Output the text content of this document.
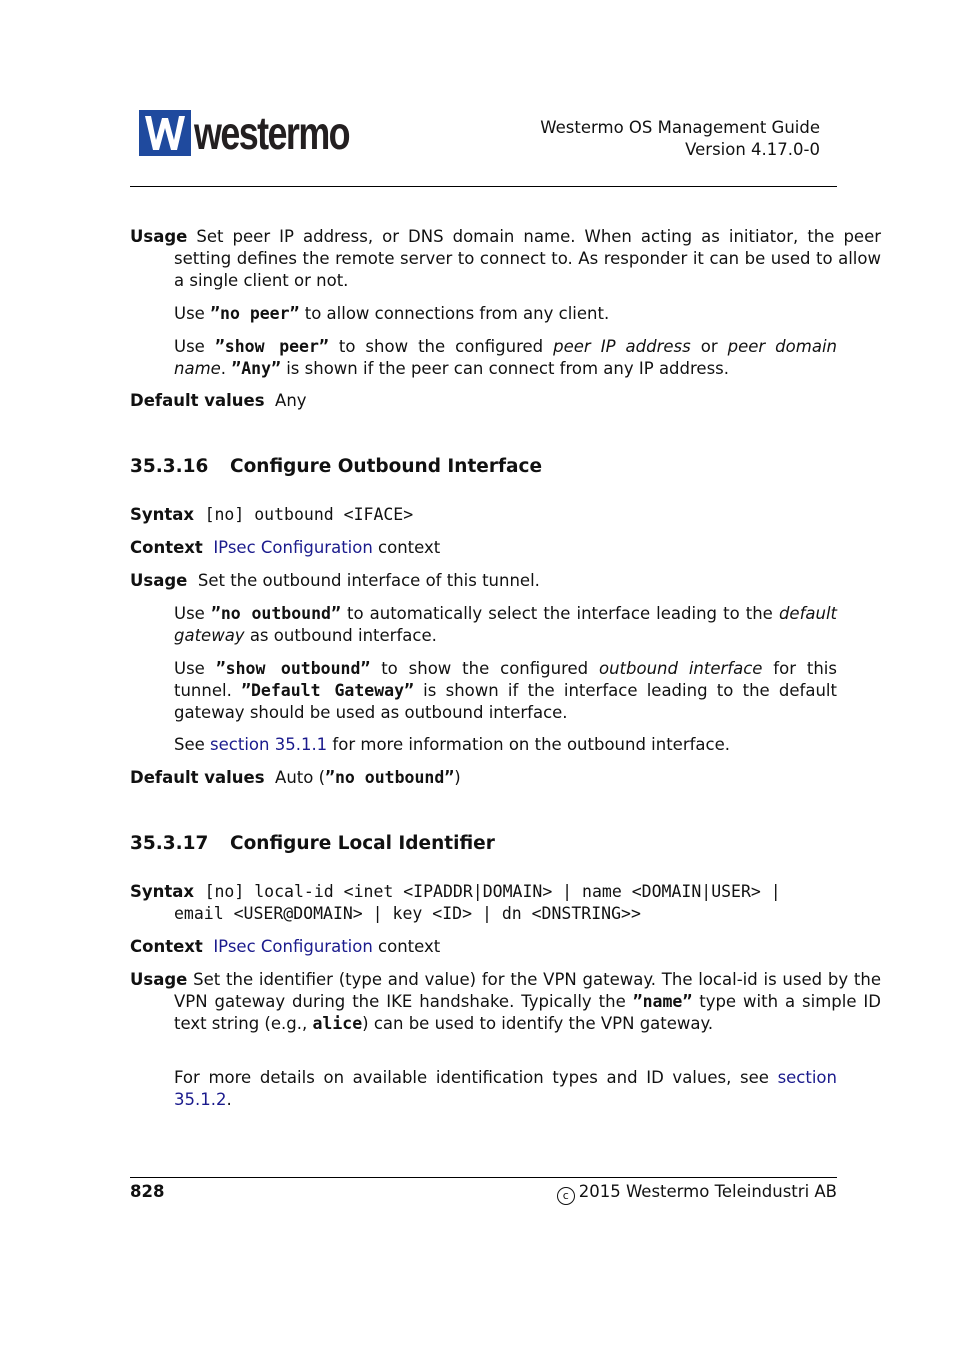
westermo	Westermo OS Management Guide
Version 4.17.0-0
Usage Set peer IP address, or DNS domain name. When acting as initiator, the peer setting defines the remote server to connect to. As responder it can be used to allow a single client or not.
Use ”no peer” to allow connections from any client.
Use ”show peer” to show the configured peer IP address or peer domain name. ”Any” is shown if the peer can connect from any IP address.
Default values Any
35.3.16 Configure Outbound Interface
Syntax [no] outbound <IFACE>
Context IPsec Configuration context
Usage Set the outbound interface of this tunnel.
Use ”no outbound” to automatically select the interface leading to the default gateway as outbound interface.
Use ”show outbound” to show the configured outbound interface for this tunnel. ”Default Gateway” is shown if the interface leading to the default gateway should be used as outbound interface.
See section 35.1.1 for more information on the outbound interface.
Default values Auto (”no outbound”)
35.3.17 Configure Local Identifier
Syntax [no] local-id <inet <IPADDR|DOMAIN> | name <DOMAIN|USER> |
email <USER@DOMAIN> | key <ID> | dn <DNSTRING>>
Context IPsec Configuration context
Usage Set the identifier (type and value) for the VPN gateway. The local-id is used by the VPN gateway during the IKE handshake. Typically the ”name” type with a simple ID text string (e.g., alice) can be used to identify the VPN gateway.
For more details on available identification types and ID values, see section 35.1.2.
828	c 2015 Westermo Teleindustri AB
